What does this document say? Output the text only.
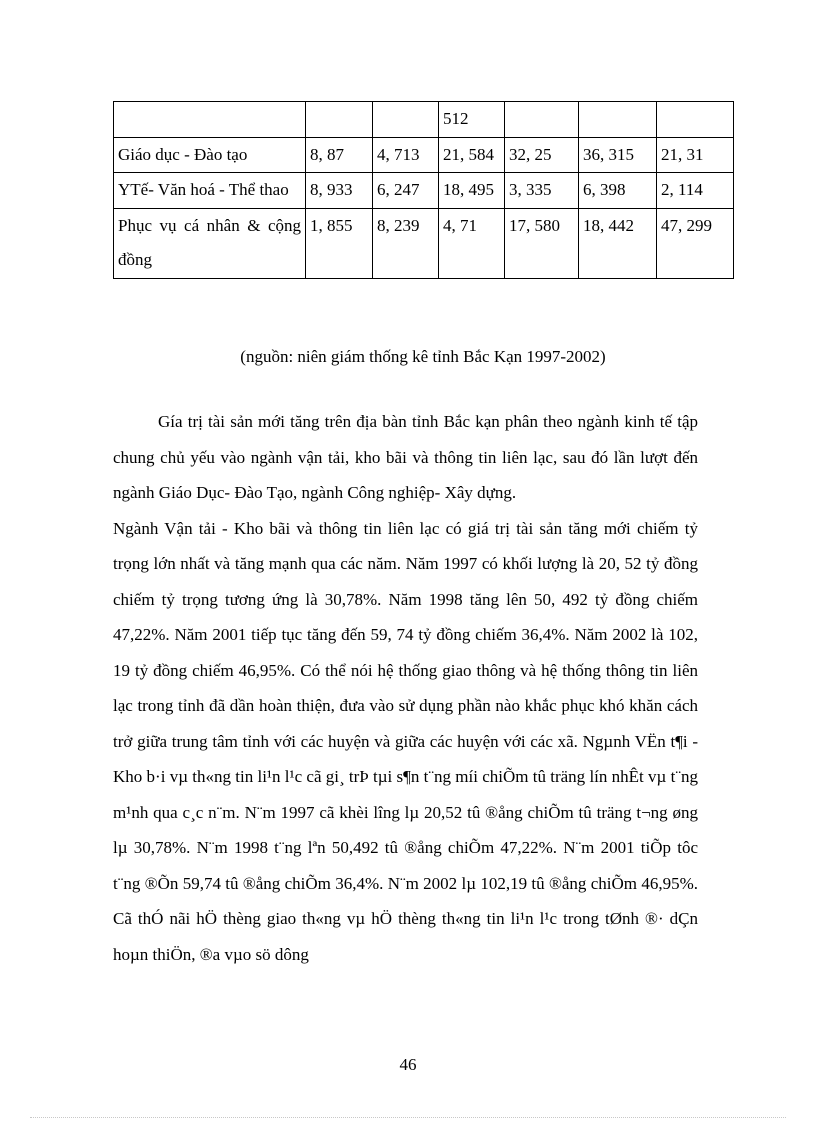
			512			
Giáo dục - Đào tạo	8, 87	4, 713	21, 584	32, 25	36, 315	21, 31
YTế- Văn hoá - Thể thao	8, 933	6, 247	18, 495	3, 335	6, 398	2, 114
Phục vụ cá nhân & cộng đồng	1, 855	8, 239	4, 71	17, 580	18, 442	47, 299

(nguồn: niên giám thống kê tỉnh Bắc Kạn 1997-2002)

Gía trị tài sản mới tăng trên địa bàn tỉnh Bắc kạn phân theo ngành kinh tế tập chung chủ yếu vào ngành vận tải, kho bãi và thông tin liên lạc, sau đó lần lượt đến ngành Giáo Dục- Đào Tạo, ngành Công nghiệp- Xây dựng.
Ngành Vận tải - Kho bãi và thông tin liên lạc có giá trị tài sản tăng mới chiếm tỷ trọng lớn nhất và tăng mạnh qua các năm. Năm 1997 có khối lượng là 20, 52 tỷ đồng chiếm tỷ trọng tương ứng là 30,78%. Năm 1998 tăng lên 50, 492 tỷ đồng chiếm 47,22%. Năm 2001 tiếp tục tăng đến 59, 74 tỷ đồng chiếm 36,4%. Năm 2002 là 102, 19 tỷ đồng chiếm 46,95%. Có thể nói hệ thống giao thông và hệ thống thông tin liên lạc trong tỉnh đã dần hoàn thiện, đưa vào sử dụng phần nào khắc phục khó khăn cách trở giữa trung tâm tỉnh với các huyện và giữa các huyện với các xã. Ngµnh VËn t¶i - Kho b·i vµ th«ng tin li¹n l¹c cã gi¸ trÞ tµi s¶n t¨ng míi chiÕm tû träng lín nhÊt vµ t¨ng m¹nh qua c¸c n¨m. N¨m 1997 cã khèi lîng lµ 20,52 tû ®ång chiÕm tû träng t¬ng øng lµ 30,78%. N¨m 1998 t¨ng lªn 50,492 tû ®ång chiÕm 47,22%. N¨m 2001 tiÕp tôc t¨ng ®Õn 59,74 tû ®ång chiÕm 36,4%. N¨m 2002 lµ 102,19 tû ®ång chiÕm 46,95%. Cã thÓ nãi hÖ thèng giao th«ng vµ hÖ thèng th«ng tin li¹n l¹c trong tØnh ®· dÇn hoµn thiÖn, ®a vµo sö dông

46
